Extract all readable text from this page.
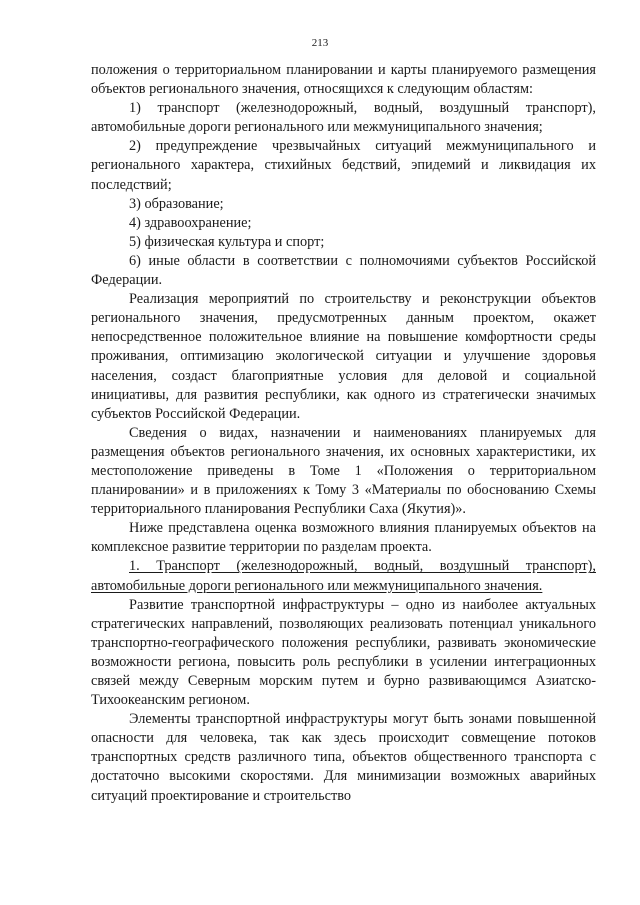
213

положения о территориальном планировании и карты планируемого размещения объектов регионального значения, относящихся к следующим областям:

1) транспорт (железнодорожный, водный, воздушный транспорт), автомобильные дороги регионального или межмуниципального значения;

2) предупреждение чрезвычайных ситуаций межмуниципального и регионального характера, стихийных бедствий, эпидемий и ликвидация их последствий;

3) образование;

4) здравоохранение;

5) физическая культура и спорт;

6) иные области в соответствии с полномочиями субъектов Российской Федерации.

Реализация мероприятий по строительству и реконструкции объектов регионального значения, предусмотренных данным проектом, окажет непосредственное положительное влияние на повышение комфортности среды проживания, оптимизацию экологической ситуации и улучшение здоровья населения, создаст благоприятные условия для деловой и социальной инициативы, для развития республики, как одного из стратегически значимых субъектов Российской Федерации.

Сведения о видах, назначении и наименованиях планируемых для размещения объектов регионального значения, их основных характеристики, их местоположение приведены в Томе 1 «Положения о территориальном планировании» и в приложениях к Тому 3 «Материалы по обоснованию Схемы территориального планирования Республики Саха (Якутия)».

Ниже представлена оценка возможного влияния планируемых объектов на комплексное развитие территории по разделам проекта.

1. Транспорт (железнодорожный, водный, воздушный транспорт), автомобильные дороги регионального или межмуниципального значения.

Развитие транспортной инфраструктуры – одно из наиболее актуальных стратегических направлений, позволяющих реализовать потенциал уникального транспортно-географического положения республики, развивать экономические возможности региона, повысить роль республики в усилении интеграционных связей между Северным морским путем и бурно развивающимся Азиатско-Тихоокеанским регионом.

Элементы транспортной инфраструктуры могут быть зонами повышенной опасности для человека, так как здесь происходит совмещение потоков транспортных средств различного типа, объектов общественного транспорта с достаточно высокими скоростями. Для минимизации возможных аварийных ситуаций проектирование и строительство
